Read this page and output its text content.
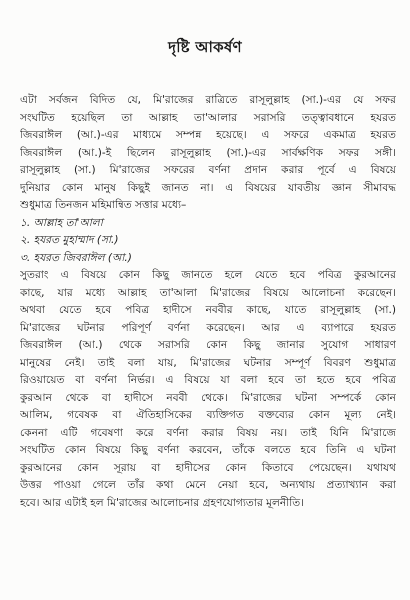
দৃষ্টি আকর্ষণ
এটা সর্বজন বিদিত যে, মি'রাজের রাত্রিতে রাসূলুল্লাহ (সা.)-এর যে সফর
সংঘটিত হয়েছিল তা আল্লাহ তা'আলার সরাসরি তত্ত্বাবধানে হযরত
জিবরাঈল (আ.)-এর মাধ্যমে সম্পন্ন হয়েছে। এ সফরে একমাত্র হযরত
জিবরাঈল (আ.)-ই ছিলেন রাসূলুল্লাহ (সা.)-এর সার্বক্ষণিক সফর সঙ্গী।
রাসূলুল্লাহ (সা.) মি'রাজের সফরের বর্ণনা প্রদান করার পূর্বে এ বিষয়ে
দুনিয়ার কোন মানুষ কিছুই জানত না। এ বিষয়ের যাবতীয় জ্ঞান সীমাবদ্ধ
শুধুমাত্র তিনজন মহিমান্বিত সত্তার মধ্যে–
১. আল্লাহ তা'আলা
২. হযরত মুহাম্মাদ (সা.)
৩. হযরত জিবরাঈল (আ.)
সুতরাং এ বিষয়ে কোন কিছু জানতে হলে যেতে হবে পবিত্র কুরআনের
কাছে, যার মধ্যে আল্লাহ তা'আলা মি'রাজের বিষয়ে আলোচনা করেছেন।
অথবা যেতে হবে পবিত্র হাদীসে নববীর কাছে, যাতে রাসূলুল্লাহ (সা.)
মি'রাজের ঘটনার পরিপূর্ণ বর্ণনা করেছেন। আর এ ব্যাপারে হযরত
জিবরাঈল (আ.) থেকে সরাসরি কোন কিছু জানার সুযোগ সাধারণ
মানুষের নেই। তাই বলা যায়, মি'রাজের ঘটনার সম্পূর্ণ বিবরণ শুধুমাত্র
রিওয়ায়েত বা বর্ণনা নির্ভর। এ বিষয়ে যা বলা হবে তা হতে হবে পবিত্র
কুরআন থেকে বা হাদীসে নববী থেকে। মি'রাজের ঘটনা সম্পর্কে কোন
আলিম, গবেষক বা ঐতিহাসিকের ব্যক্তিগত বক্তব্যের কোন মূল্য নেই।
কেননা এটি গবেষণা করে বর্ণনা করার বিষয় নয়। তাই যিনি মি'রাজে
সংঘটিত কোন বিষয়ে কিছু বর্ণনা করবেন, তাঁকে বলতে হবে তিনি এ ঘটনা
কুরআনের কোন সূরায় বা হাদীসের কোন কিতাবে পেয়েছেন। যথাযথ
উত্তর পাওয়া গেলে তাঁর কথা মেনে নেয়া হবে, অন্যথায় প্রত্যাখ্যান করা
হবে। আর এটাই হল মি'রাজের আলোচনার গ্রহণযোগ্যতার মূলনীতি।
